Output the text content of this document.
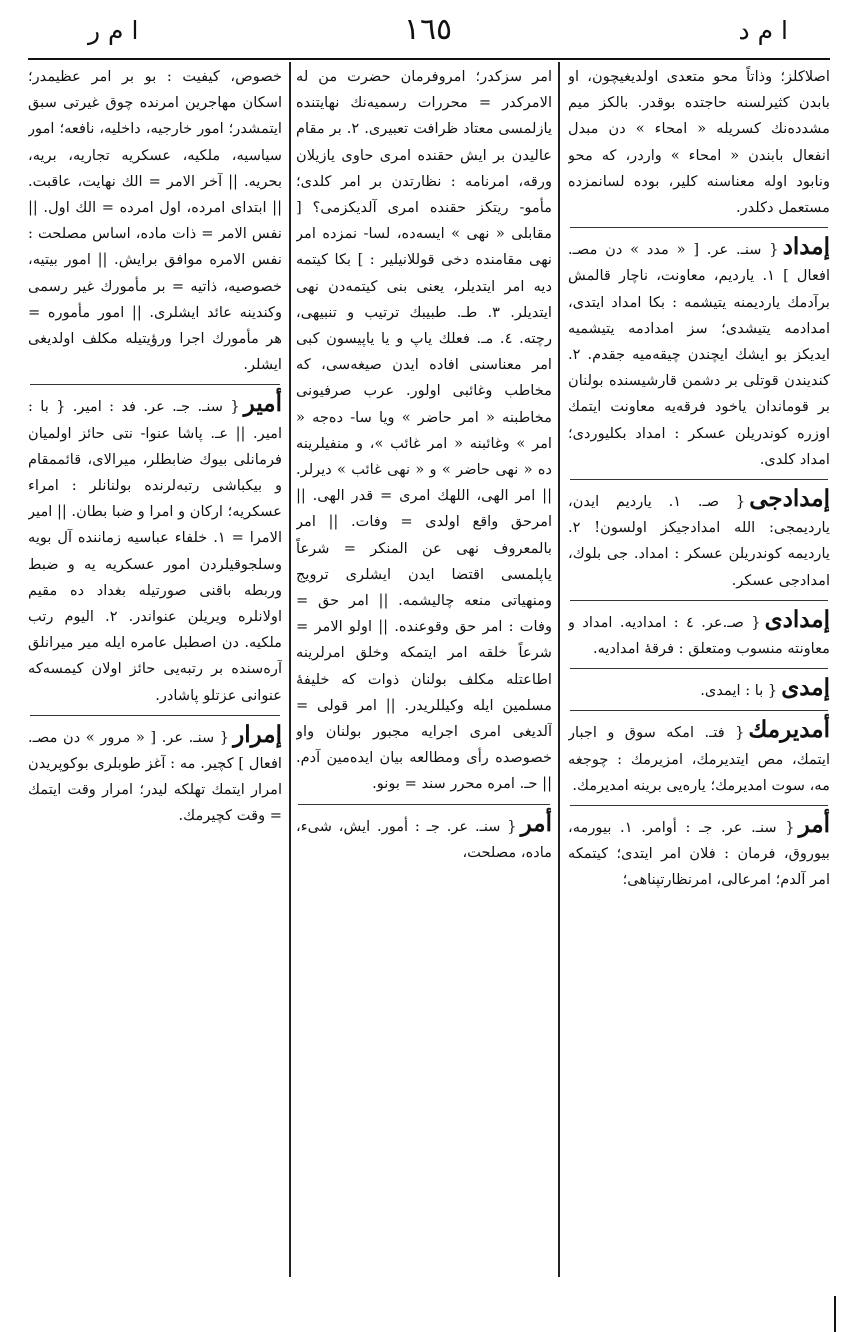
ا م ر	١٦٥	ا م د

اصلاكلز؛ وذاتاً محو متعدی اولدیغیچون، او بابدن كثیرلسنه حاجتده بوقدر. بالكز میم مشددەنك كسریله « امحاء » دن مبدل انفعال بابندن « امحاء » واردر، كه محو ونابود اوله معناسنه كلیر، بوده لسانمزده مستعمل دكلدر.

إمداد{ سنـ. عر. [ « مدد » دن مصـ. افعال ] ١. یاردیم، معاونت، ناچار قالمش برآدمك یاردیمنه یتیشمه : بكا امداد ایتدی، امدادمه یتیشدی؛ سز امدادمه یتیشمیه ایدیكز بو ایشك ایچندن چیقەمیه جقدم. ٢. كندیندن قوتلی بر دشمن قارشیسنده بولنان بر قوماندان یاخود فرقه‌یه معاونت ایتمك اوزره كوندریلن عسكر : امداد بكلیوردی؛ امداد كلدی.

إمدادجی{ صـ. ١. یاردیم ایدن، یاردیمجی: الله امدادجیكز اولسون! ٢. یاردیمه كوندریلن عسكر : امداد. جی بلوك، امدادجی عسكر.

إمدادی{ صـ.عر. ٤ : امدادیه. امداد و معاونته منسوب ومتعلق : فرقهٔ امدادیه.

إمدی{ با : ایمدی.

أمدیرمك{ فتـ. امكه سوق و اجبار ایتمك، مص ایتدیرمك، امزیرمك : چوجغه مه، سوت امدیرمك؛ یاره‌یی برینه امدیرمك.

أمر{ سنـ. عر. جـ : أوامر. ١. بیورمه، بیوروق، فرمان : فلان امر ایتدی؛ كیتمكه امر آلدم؛ امرعالی، امرنظارتپناهی؛

امر سزكدر؛ امروفرمان حضرت من له الامركدر = محررات رسمیه‌نك نهایتنده یازلمسی معتاد ظرافت تعبیری. ٢. بر مقام عالیدن بر ایش حقنده امری حاوی یازیلان ورقه، امرنامه : نظارتدن بر امر كلدی؛ مأمو- ریتكز حقنده امری آلدیكزمی؟ [ مقابلی « نهی » ایسه‌ده، لسا- نمزده امر نهی مقامنده دخی قوللانیلیر : ] بكا كیتمه دیه امر ایتدیلر، یعنی بنی كیتمه‌دن نهی ایتدیلر. ٣. طـ. طبیبك ترتیب و تنبیهی، رچته. ٤. مـ. فعلك یاپ و یا یاپیسون كبی امر معناسنی افاده ایدن صیغه‌سی، كه مخاطب وغائبی اولور. عرب صرفیونی مخاطبنه « امر حاضر » ویا سا- دەجه « امر » وغائبنه « امر غائب »، و منفیلرینه ده « نهی حاضر » و « نهی غائب » دیرلر. || امر الهی، اللهك امری = قدر الهی. || امرحق واقع اولدی = وفات. || امر بالمعروف نهی عن المنكر = شرعاً یاپلمسی اقتضا ایدن ایشلری ترویج ومنهیاتی منعه چالیشمه. || امر حق = وفات : امر حق وقوعنده. || اولو الامر = شرعاً خلقه امر ایتمكه وخلق امرلرینه اطاعتله مكلف بولنان ذوات كه خلیفهٔ مسلمین ایله وكیللریدر. || امر قولی = آلدیغی امری اجرایه مجبور بولنان واو خصوصده رأی ومطالعه بیان ایده‌مین آدم. || حـ. امره محرر سند = بونو.

أمر{ سنـ. عر. جـ : أمور. ایش، شیء، ماده، مصلحت،

خصوص، كیفیت : بو بر امر عظیمدر؛ اسكان مهاجرین امرنده چوق غیرتی سبق ایتمشدر؛ امور خارجیه، داخلیه، نافعه؛ امور سیاسیه، ملكیه، عسكریه تجاریه، بریه، بحریه. || آخر الامر = الك نهایت، عاقبت. || ابتدای امرده، اول امرده = الك اول. || نفس الامر = ذات ماده، اساس مصلحت : نفس الامره موافق برایش. || امور بیتیه، خصوصیه، ذاتیه = بر مأمورك غیر رسمی وكندینه عائد ایشلری. || امور مأموره = هر مأمورك اجرا ورؤیتیله مكلف اولدیغی ایشلر.

أمیر{ سنـ. جـ. عر. فد : امیر. { با : امیر. || عـ. پاشا عنوا- نتی حائز اولمیان فرمانلی بیوك ضابطلر، میرالای، قائممقام و بیكباشی رتبه‌لرنده بولنانلر : امراء عسكریه؛ اركان و امرا و ضبا بطان. || امیر الامرا = ١. خلفاء عباسیه زماننده آل بویه وسلجوقیلردن امور عسكریه یه و ضبط وربطه باقنی صورتیله بغداد ده مقیم اولانلره ویریلن عنواندر. ٢. الیوم رتب ملكیه. دن اصطبل عامره ایله میر میرانلق آره‌سنده بر رتبه‌یی حائز اولان كیمسه‌كه عنوانی عزتلو پاشادر.

إمرار{ سنـ. عر. [ « مرور » دن مصـ. افعال ] كچیر. مه : آغز طوبلری بوكوپریدن امرار ایتمك تهلكه لیدر؛ امرار وقت ایتمك = وقت كچیرمك.
